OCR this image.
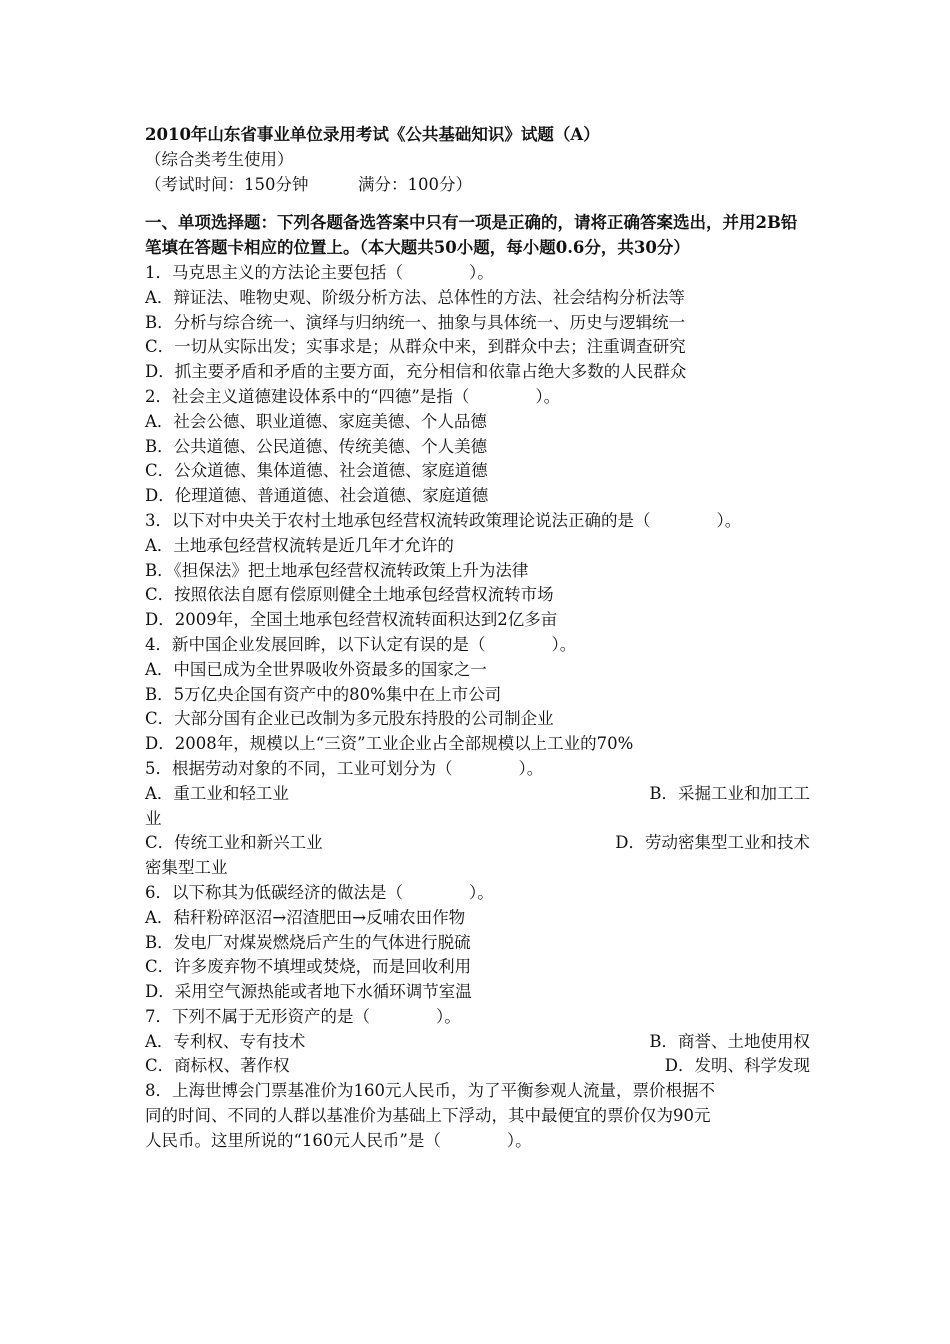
2010年山东省事业单位录用考试《公共基础知识》试题（A）
（综合类考生使用）
（考试时间：150分钟　　　满分：100分）
一、单项选择题：下列各题备选答案中只有一项是正确的，请将正确答案选出，并用2B铅笔填在答题卡相应的位置上。（本大题共50小题，每小题0.6分，共30分）
1．马克思主义的方法论主要包括（　　　　）。
A．辩证法、唯物史观、阶级分析方法、总体性的方法、社会结构分析法等
B．分析与综合统一、演绎与归纳统一、抽象与具体统一、历史与逻辑统一
C．一切从实际出发；实事求是；从群众中来，到群众中去；注重调查研究
D．抓主要矛盾和矛盾的主要方面，充分相信和依靠占绝大多数的人民群众
2．社会主义道德建设体系中的“四德”是指（　　　　）。
A．社会公德、职业道德、家庭美德、个人品德
B．公共道德、公民道德、传统美德、个人美德
C．公众道德、集体道德、社会道德、家庭道德
D．伦理道德、普通道德、社会道德、家庭道德
3．以下对中央关于农村土地承包经营权流转政策理论说法正确的是（　　　　）。
A．土地承包经营权流转是近几年才允许的
B．《担保法》把土地承包经营权流转政策上升为法律
C．按照依法自愿有偿原则健全土地承包经营权流转市场
D．2009年，全国土地承包经营权流转面积达到2亿多亩
4．新中国企业发展回眸，以下认定有误的是（　　　　）。
A．中国已成为全世界吸收外资最多的国家之一
B．5万亿央企国有资产中的80%集中在上市公司
C．大部分国有企业已改制为多元股东持股的公司制企业
D．2008年，规模以上“三资”工业企业占全部规模以上工业的70%
5．根据劳动对象的不同，工业可划分为（　　　　）。
A．重工业和轻工业	B．采掘工业和加工工
业
C．传统工业和新兴工业	D．劳动密集型工业和技术
密集型工业
6．以下称其为低碳经济的做法是（　　　　）。
A．秸秆粉碎沤沼→沼渣肥田→反哺农田作物
B．发电厂对煤炭燃烧后产生的气体进行脱硫
C．许多废弃物不填埋或焚烧，而是回收利用
D．采用空气源热能或者地下水循环调节室温
7．下列不属于无形资产的是（　　　　）。
A．专利权、专有技术	B．商誉、土地使用权
C．商标权、著作权	D．发明、科学发现
8．上海世博会门票基准价为160元人民币，为了平衡参观人流量，票价根据不
同的时间、不同的人群以基准价为基础上下浮动，其中最便宜的票价仅为90元
人民币。这里所说的“160元人民币”是（　　　　）。
